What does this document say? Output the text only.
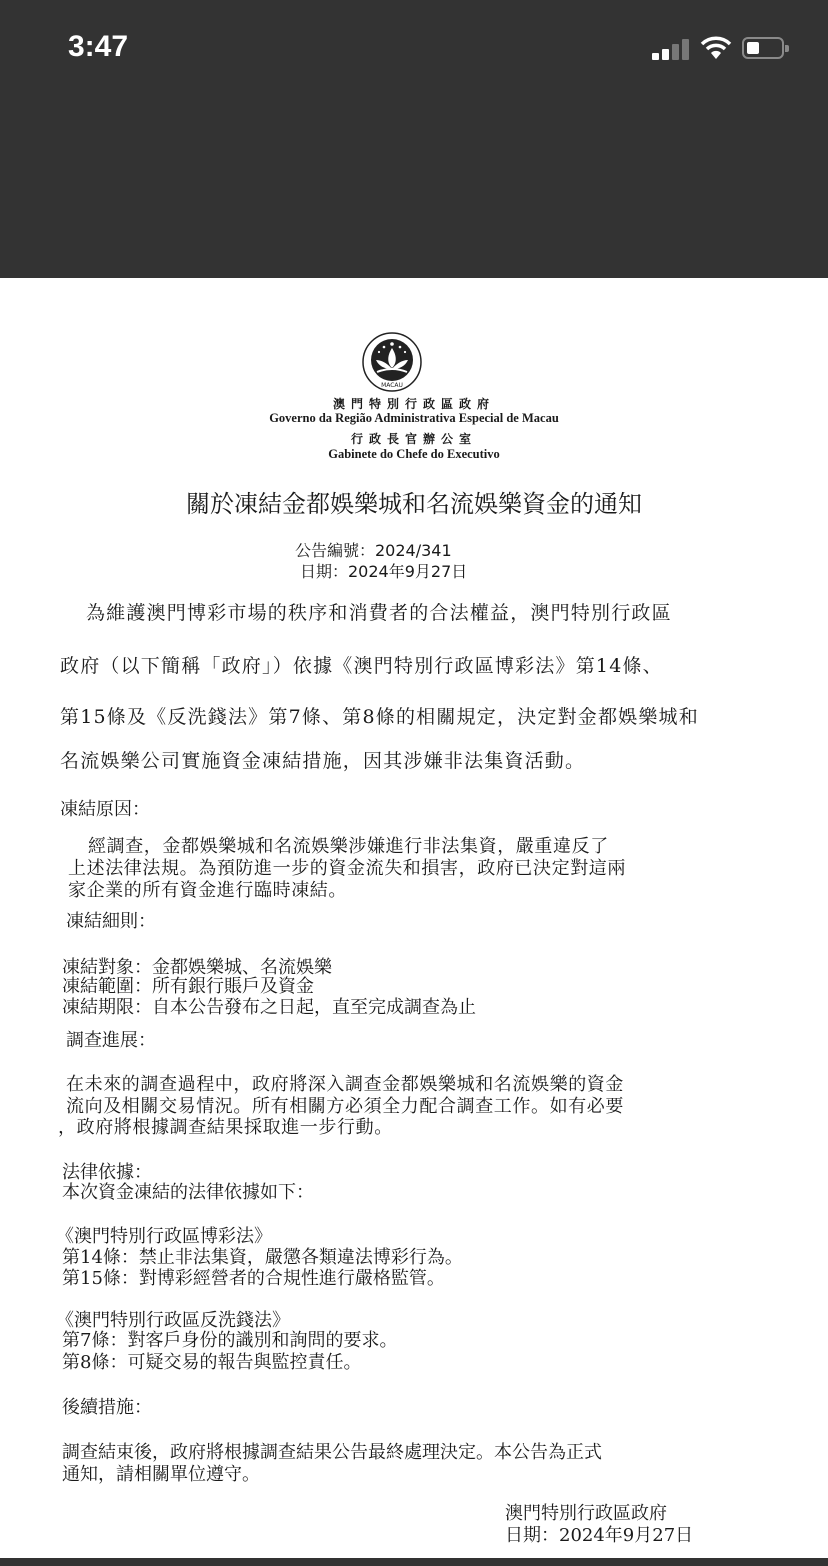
3:47
MACAU
澳門特別行政區政府
Governo da Região Administrativa Especial de Macau
行政長官辦公室
Gabinete do Chefe do Executivo
關於凍結金都娛樂城和名流娛樂資金的通知
公告編號：2024/341
日期：2024年9月27日
為維護澳門博彩市場的秩序和消費者的合法權益，澳門特別行政區
政府（以下簡稱「政府」）依據《澳門特別行政區博彩法》第14條、
第15條及《反洗錢法》第7條、第8條的相關規定，決定對金都娛樂城和
名流娛樂公司實施資金凍結措施，因其涉嫌非法集資活動。
凍結原因：
經調查，金都娛樂城和名流娛樂涉嫌進行非法集資，嚴重違反了
上述法律法規。為預防進一步的資金流失和損害，政府已決定對這兩
家企業的所有資金進行臨時凍結。
凍結細則：
凍結對象：金都娛樂城、名流娛樂
凍結範圍：所有銀行賬戶及資金
凍結期限：自本公告發布之日起，直至完成調查為止
調查進展：
在未來的調查過程中，政府將深入調查金都娛樂城和名流娛樂的資金
流向及相關交易情況。所有相關方必須全力配合調查工作。如有必要
，政府將根據調查結果採取進一步行動。
法律依據：
本次資金凍結的法律依據如下：
《澳門特別行政區博彩法》
第14條：禁止非法集資，嚴懲各類違法博彩行為。
第15條：對博彩經營者的合規性進行嚴格監管。
《澳門特別行政區反洗錢法》
第7條：對客戶身份的識別和詢問的要求。
第8條：可疑交易的報告與監控責任。
後續措施：
調查結束後，政府將根據調查結果公告最終處理決定。本公告為正式
通知，請相關單位遵守。
澳門特別行政區政府
日期：2024年9月27日
